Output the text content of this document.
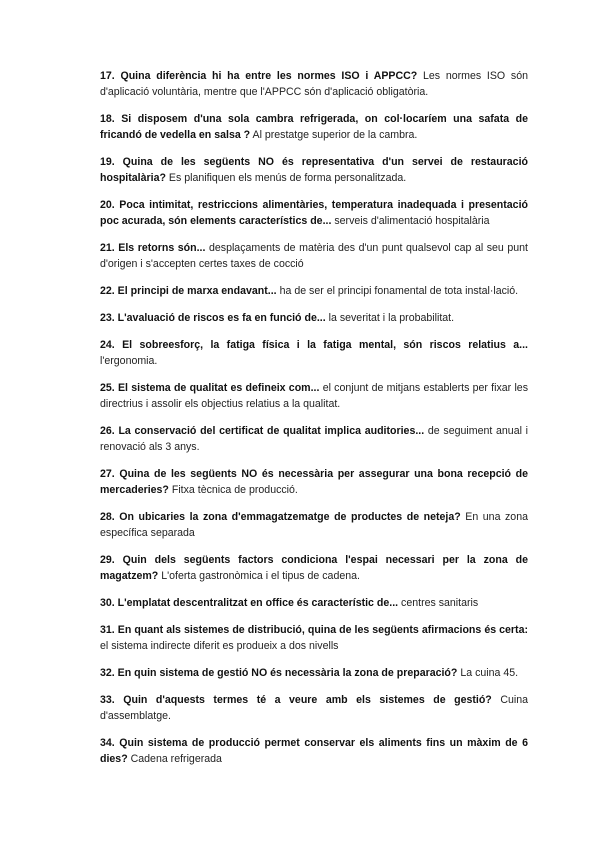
17. Quina diferència hi ha entre les normes ISO i APPCC? Les normes ISO són d'aplicació voluntària, mentre que l'APPCC són d'aplicació obligatòria.

18. Si disposem d'una sola cambra refrigerada, on col·locaríem una safata de fricandó de vedella en salsa ? Al prestatge superior de la cambra.

19. Quina de les següents NO és representativa d'un servei de restauració hospitalària? Es planifiquen els menús de forma personalitzada.

20. Poca intimitat, restriccions alimentàries, temperatura inadequada i presentació poc acurada, són elements característics de... serveis d'alimentació hospitalària

21. Els retorns són... desplaçaments de matèria des d'un punt qualsevol cap al seu punt d'origen i s'accepten certes taxes de cocció

22. El principi de marxa endavant... ha de ser el principi fonamental de tota instal·lació.

23. L'avaluació de riscos es fa en funció de... la severitat i la probabilitat.

24. El sobreesforç, la fatiga física i la fatiga mental, són riscos relatius a... l'ergonomia.

25. El sistema de qualitat es defineix com... el conjunt de mitjans establerts per fixar les directrius i assolir els objectius relatius a la qualitat.

26. La conservació del certificat de qualitat implica auditories... de seguiment anual i renovació als 3 anys.

27. Quina de les següents NO és necessària per assegurar una bona recepció de mercaderies? Fitxa tècnica de producció.

28. On ubicaries la zona d'emmagatzematge de productes de neteja? En una zona específica separada

29. Quin dels següents factors condiciona l'espai necessari per la zona de magatzem? L'oferta gastronòmica i el tipus de cadena.

30. L'emplatat descentralitzat en office és característic de... centres sanitaris

31. En quant als sistemes de distribució, quina de les següents afirmacions és certa: el sistema indirecte diferit es produeix a dos nivells

32. En quin sistema de gestió NO és necessària la zona de preparació? La cuina 45.

33. Quin d'aquests termes té a veure amb els sistemes de gestió? Cuina d'assemblatge.

34. Quin sistema de producció permet conservar els aliments fins un màxim de 6 dies? Cadena refrigerada
